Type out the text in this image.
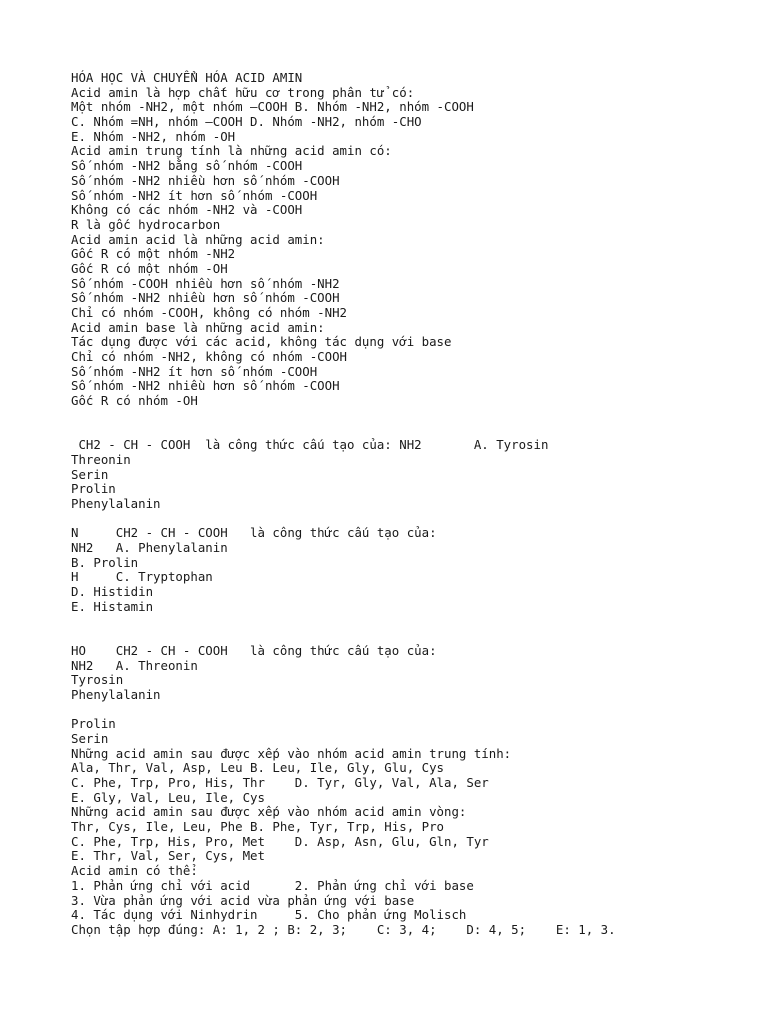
HÓA HỌC VÀ CHUYỂN HÓA ACID AMIN
Acid amin là hợp chất hữu cơ trong phân tử có:
Một nhóm -NH2, một nhóm –COOH B. Nhóm -NH2, nhóm -COOH
C. Nhóm =NH, nhóm –COOH D. Nhóm -NH2, nhóm -CHO
E. Nhóm -NH2, nhóm -OH
Acid amin trung tính là những acid amin có:
Số nhóm -NH2 bằng số nhóm -COOH
Số nhóm -NH2 nhiều hơn số nhóm -COOH
Số nhóm -NH2 ít hơn số nhóm -COOH
Không có các nhóm -NH2 và -COOH
R là gốc hydrocarbon
Acid amin acid là những acid amin:
Gốc R có một nhóm -NH2
Gốc R có một nhóm -OH
Số nhóm -COOH nhiều hơn số nhóm -NH2
Số nhóm -NH2 nhiều hơn số nhóm -COOH
Chỉ có nhóm -COOH, không có nhóm -NH2
Acid amin base là những acid amin:
Tác dụng được với các acid, không tác dụng với base
Chỉ có nhóm -NH2, không có nhóm -COOH
Số nhóm -NH2 ít hơn số nhóm -COOH
Số nhóm -NH2 nhiều hơn số nhóm -COOH
Gốc R có nhóm -OH
CH2 - CH - COOH  là công thức cấu tạo của: NH2       A. Tyrosin
Threonin
Serin
Prolin
Phenylalanin
N     CH2 - CH - COOH   là công thức cấu tạo của:
NH2   A. Phenylalanin
B. Prolin
H     C. Tryptophan
D. Histidin
E. Histamin
HO    CH2 - CH - COOH   là công thức cấu tạo của:
NH2   A. Threonin
Tyrosin
Phenylalanin
Prolin
Serin
Những acid amin sau được xếp vào nhóm acid amin trung tính:
Ala, Thr, Val, Asp, Leu B. Leu, Ile, Gly, Glu, Cys
C. Phe, Trp, Pro, His, Thr    D. Tyr, Gly, Val, Ala, Ser
E. Gly, Val, Leu, Ile, Cys
Những acid amin sau được xếp vào nhóm acid amin vòng:
Thr, Cys, Ile, Leu, Phe B. Phe, Tyr, Trp, His, Pro
C. Phe, Trp, His, Pro, Met    D. Asp, Asn, Glu, Gln, Tyr
E. Thr, Val, Ser, Cys, Met
Acid amin có thể:
1. Phản ứng chỉ với acid      2. Phản ứng chỉ với base
3. Vừa phản ứng với acid vừa phản ứng với base
4. Tác dụng với Ninhydrin     5. Cho phản ứng Molisch
Chọn tập hợp đúng: A: 1, 2 ; B: 2, 3;    C: 3, 4;    D: 4, 5;    E: 1, 3.
